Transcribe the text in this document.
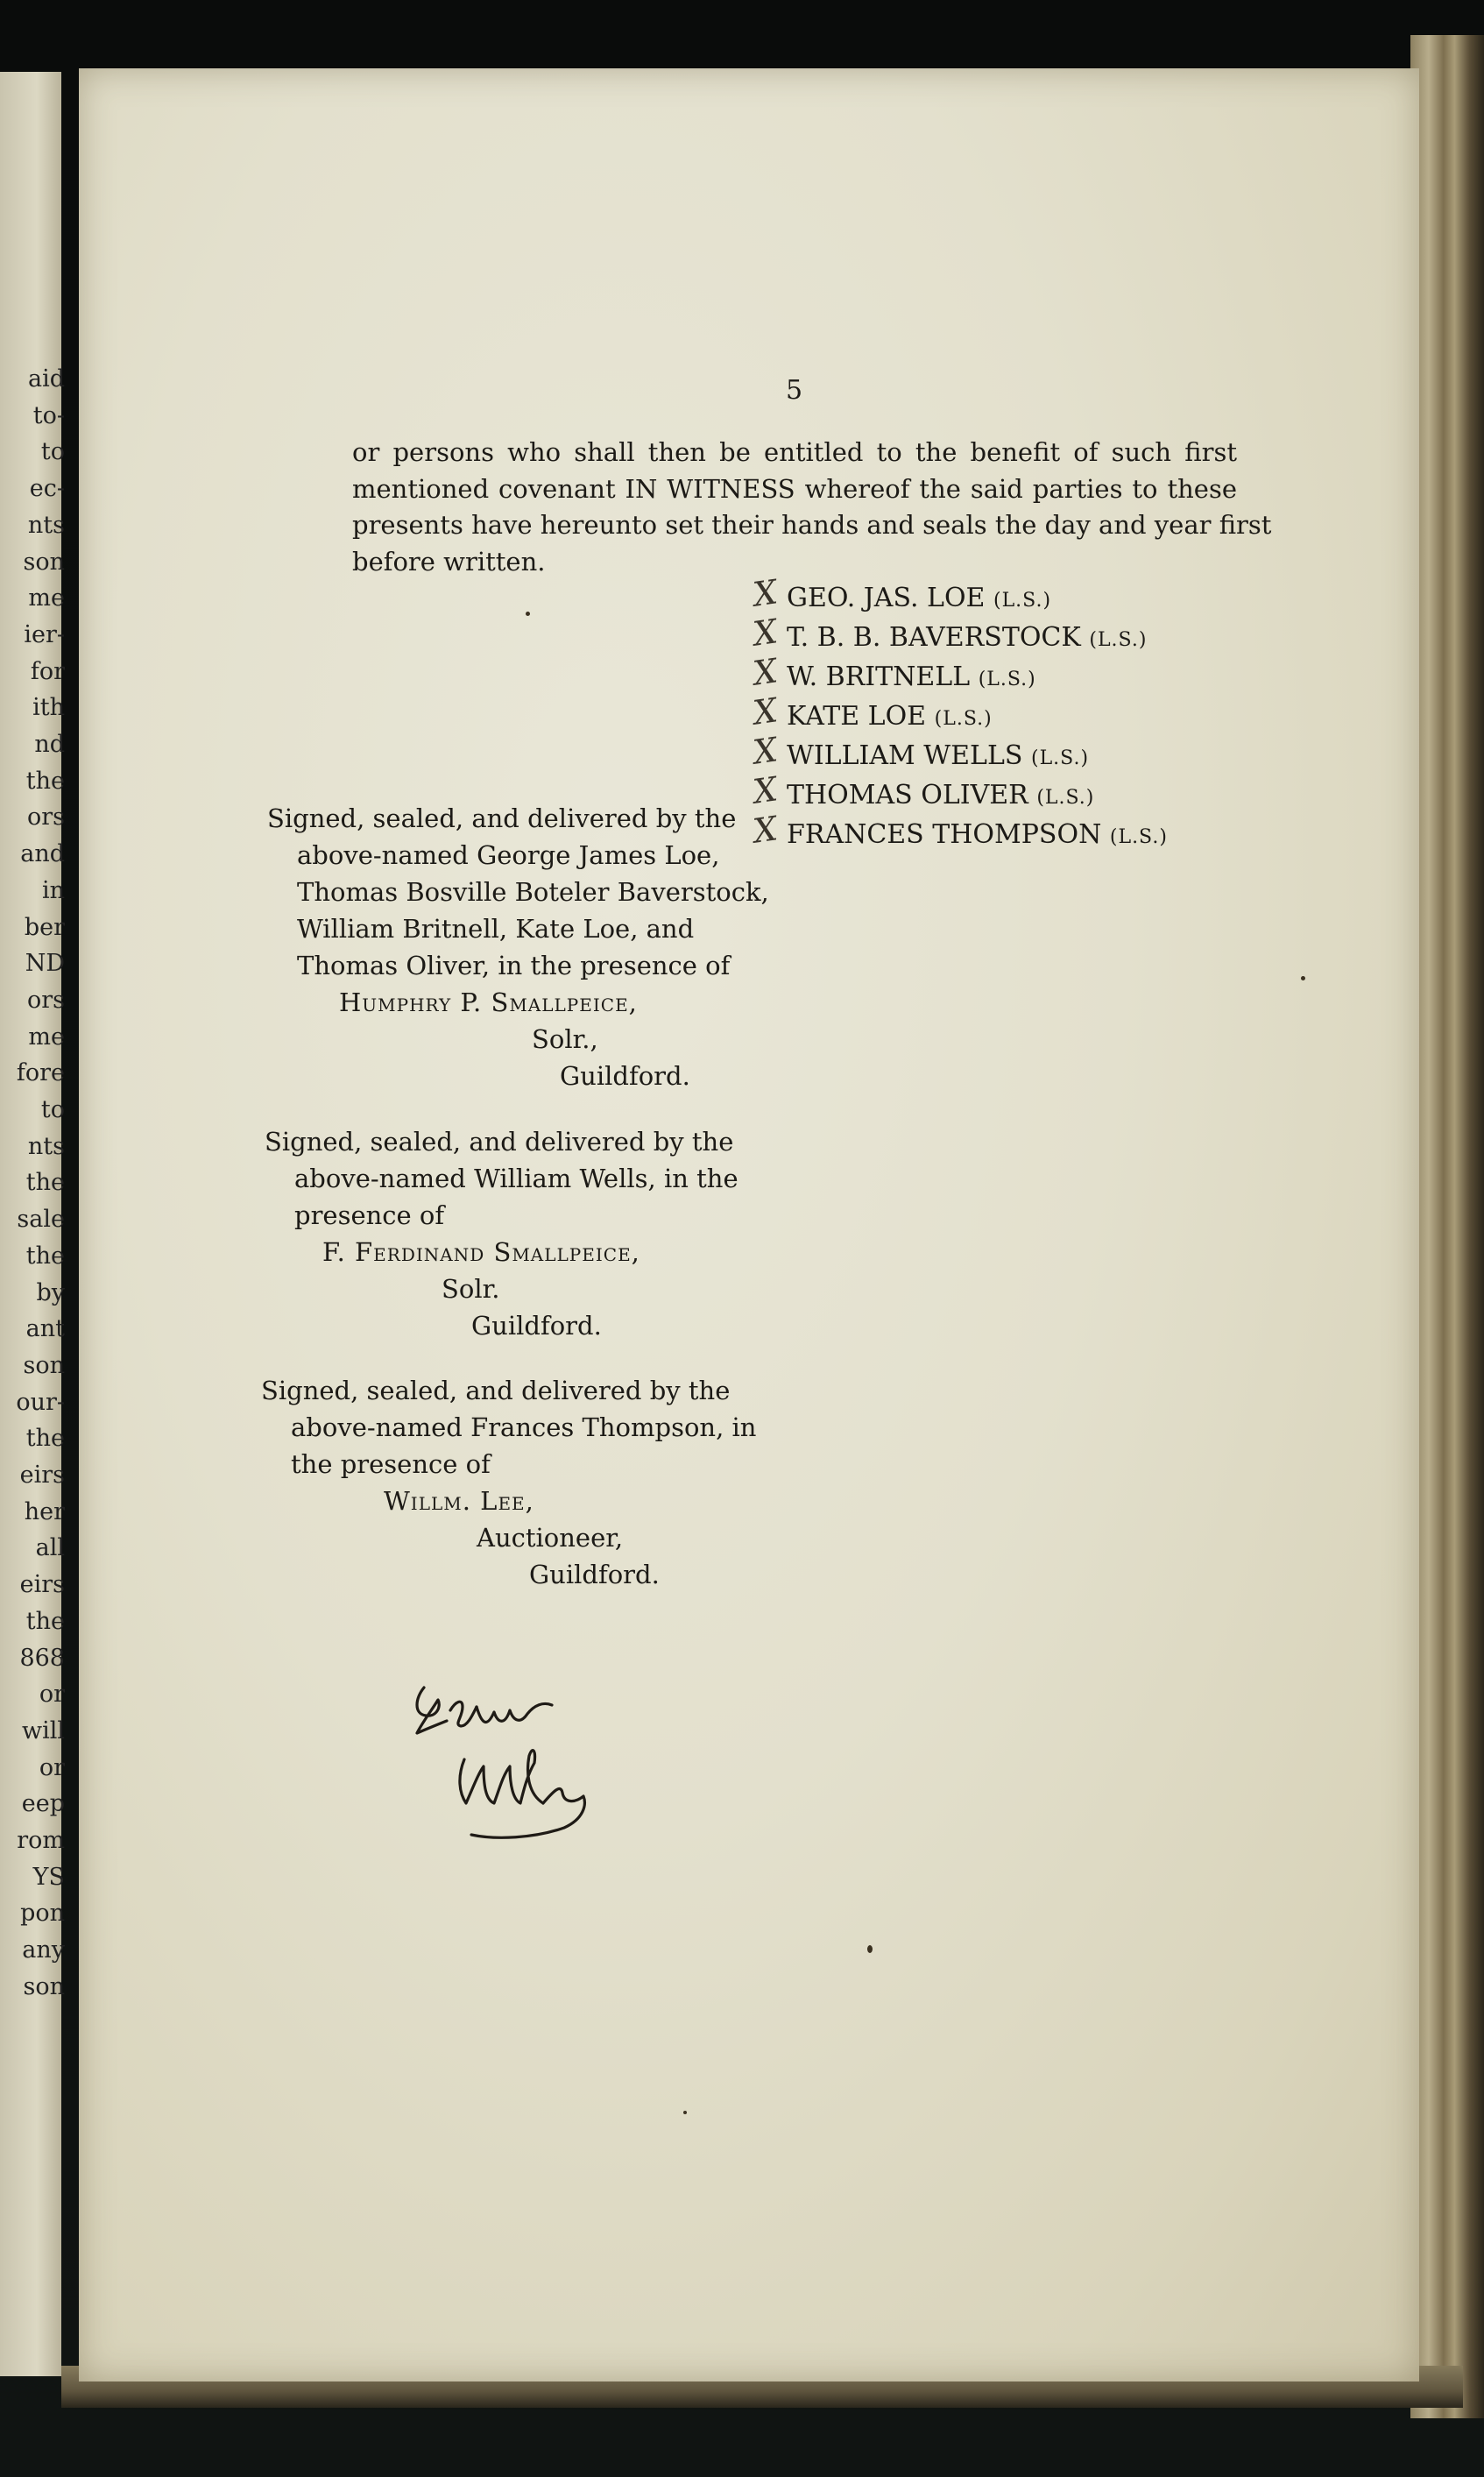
aid
to-
to
ec-
nts
son
me
ier-
for
ith
nd
the
ors
and
in
ber
ND
ors
me
fore
to
nts
the
sale
the
by
ant
son
our-
the
eirs
her
all
eirs
the
868
or
will
or
eep
rom
YS
pon
any
son
5
or persons who shall then be entitled to the benefit of such first
mentioned covenant IN WITNESS whereof the said parties to these
presents have hereunto set their hands and seals the day and year first
before written.
X GEO. JAS. LOE (L.S.)
X T. B. B. BAVERSTOCK (L.S.)
X W. BRITNELL (L.S.)
X KATE LOE (L.S.)
X WILLIAM WELLS (L.S.)
X THOMAS OLIVER (L.S.)
X FRANCES THOMPSON (L.S.)
Signed, sealed, and delivered by the
above-named George James Loe,
Thomas Bosville Boteler Baverstock,
William Britnell, Kate Loe, and
Thomas Oliver, in the presence of
Humphry P. Smallpeice,
Solr.,
Guildford.
Signed, sealed, and delivered by the
above-named William Wells, in the
presence of
F. Ferdinand Smallpeice,
Solr.
Guildford.
Signed, sealed, and delivered by the
above-named Frances Thompson, in
the presence of
Willm. Lee,
Auctioneer,
Guildford.
